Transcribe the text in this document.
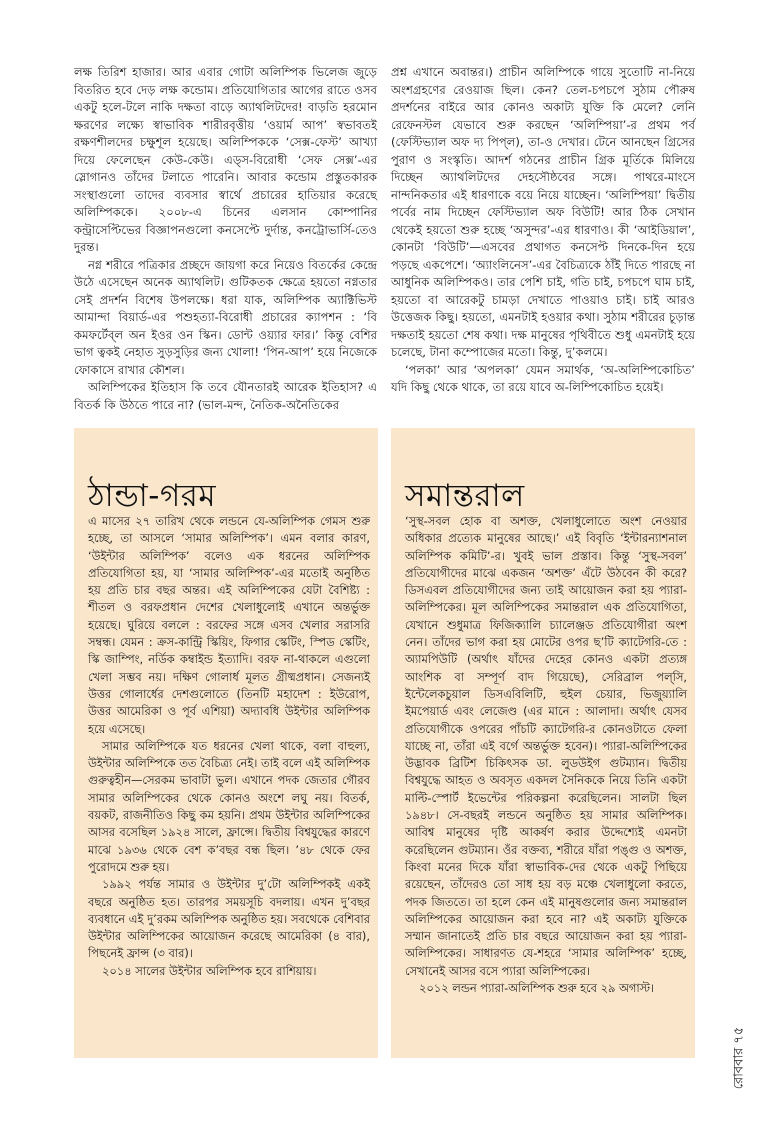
লক্ষ তিরিশ হাজার। আর এবার গোটা অলিম্পিক ভিলেজ জুড়ে বিতরিত হবে দেড় লক্ষ কন্ডোম। প্রতিযোগিতার আগের রাতে ওসব একটু হলে-টলে নাকি দক্ষতা বাড়ে অ্যাথলিটদের! বাড়তি হরমোন ক্ষরণের লক্ষ্যে স্বাভাবিক শারীরবৃত্তীয় ‘ওয়ার্ম আপ’ স্বভাবতই রক্ষণশীলদের চক্ষুশূল হয়েছে। অলিম্পিককে ‘সেক্স-ফেস্ট’ আখ্যা দিয়ে ফেলেছেন কেউ-কেউ। এড্‌স-বিরোধী ‘সেফ সেক্স’-এর স্লোগানও তাঁদের টলাতে পারেনি। আবার কন্ডোম প্রস্তুতকারক সংস্থাগুলো তাদের ব্যবসার স্বার্থে প্রচারের হাতিয়ার করেছে অলিম্পিককে। ২০০৮-এ চিনের এলসান কোম্পানির কন্ট্রাসেপ্টিভের বিজ্ঞাপনগুলো কনসেপ্টে দুর্দান্ত, কনট্রোভার্সি-তেও দুরন্ত।

নগ্ন শরীরে পত্রিকার প্রচ্ছদে জায়গা করে নিয়েও বিতর্কের কেন্দ্রে উঠে এসেছেন অনেক অ্যাথলিট। গুটিকতক ক্ষেত্রে হয়তো নগ্নতার সেই প্রদর্শন বিশেষ উপলক্ষে। ধরা যাক, অলিম্পিক অ্যাক্টিভিস্ট আমান্দা বিয়ার্ড-এর পশুহত্যা-বিরোধী প্রচারের ক্যাপশন : ‘বি কমফর্টেব্‌ল অন ইওর ওন স্কিন। ডোন্ট ওয়্যার ফার।’ কিন্তু বেশির ভাগ ত্বকই নেহাত সুড়সুড়ির জন্য খোলা! ‘পিন-আপ’ হয়ে নিজেকে ফোকাসে রাখার কৌশল।

অলিম্পিকের ইতিহাস কি তবে যৌনতারই আরেক ইতিহাস? এ বিতর্ক কি উঠতে পারে না? (ভাল-মন্দ, নৈতিক-অনৈতিকের

প্রশ্ন এখানে অবান্তর।) প্রাচীন অলিম্পিকে গায়ে সুতোটি না-নিয়ে অংশগ্রহণের রেওয়াজ ছিল। কেন? তেল-চপচপে সুঠাম পৌরুষ প্রদর্শনের বাইরে আর কোনও অকাট্য যুক্তি কি মেলে? লেনি রেফেনস্টল যেভাবে শুরু করছেন ‘অলিম্পিয়া’-র প্রথম পর্ব (ফেস্টিভ্যাল অফ দ্য পিপ্‌ল), তা-ও দেখার। টেনে আনছেন গ্রিসের পুরাণ ও সংস্কৃতি। আদর্শ গঠনের প্রাচীন গ্রিক মূর্তিকে মিলিয়ে দিচ্ছেন অ্যাথলিটদের দেহসৌষ্ঠবের সঙ্গে। পাথরে-মাংসে নান্দনিকতার এই ধারণাকে বয়ে নিয়ে যাচ্ছেন। ‘অলিম্পিয়া’ দ্বিতীয় পর্বের নাম দিচ্ছেন ফেস্টিভ্যাল অফ বিউটি! আর ঠিক সেখান থেকেই হয়তো শুরু হচ্ছে ‘অসুন্দর’-এর ধারণাও। কী ‘আইডিয়াল’, কোনটা ‘বিউটি’—এসবের প্রথাগত কনসেপ্ট দিনকে-দিন হয়ে পড়ছে একপেশে। ‘অ্যাংলিনেস’-এর বৈচিত্র্যকে ঠাঁই দিতে পারছে না আধুনিক অলিম্পিকও। তার পেশি চাই, গতি চাই, চপচপে ঘাম চাই, হয়তো বা আরেকটু চামড়া দেখাতে পাওয়াও চাই। চাই আরও উত্তেজক কিছু। হয়তো, এমনটাই হওয়ার কথা। সুঠাম শরীরের চূড়ান্ত দক্ষতাই হয়তো শেষ কথা। দক্ষ মানুষের পৃথিবীতে শুধু এমনটাই হয়ে চলেছে, টানা কম্পোজের মতো। কিন্তু, দু’কলমে।

‘পলকা’ আর ‘অপলকা’ যেমন সমার্থক, ‘অ-অলিম্পিকোচিত’ যদি কিছু থেকে থাকে, তা রয়ে যাবে অ-লিম্পিকোচিত হয়েই।

ঠান্ডা-গরম

এ মাসের ২৭ তারিখ থেকে লন্ডনে যে-অলিম্পিক গেমস শুরু হচ্ছে, তা আসলে ‘সামার অলিম্পিক’। এমন বলার কারণ, ‘উইন্টার অলিম্পিক’ বলেও এক ধরনের অলিম্পিক প্রতিযোগিতা হয়, যা ‘সামার অলিম্পিক’-এর মতোই অনুষ্ঠিত হয় প্রতি চার বছর অন্তর। এই অলিম্পিকের যেটা বৈশিষ্ট্য : শীতল ও বরফপ্রধান দেশের খেলাধুলোই এখানে অন্তর্ভুক্ত হয়েছে। ঘুরিয়ে বললে : বরফের সঙ্গে এসব খেলার সরাসরি সম্বন্ধ। যেমন : ক্রস-কান্ট্রি স্কিয়িং, ফিগার স্কেটিং, স্পিড স্কেটিং, স্কি জাম্পিং, নর্ডিক কম্বাইন্ড ইত্যাদি। বরফ না-থাকলে এগুলো খেলা সম্ভব নয়। দক্ষিণ গোলার্ধ মূলত গ্রীষ্মপ্রধান। সেজন্যই উত্তর গোলার্ধের দেশগুলোতে (তিনটি মহাদেশ : ইউরোপ, উত্তর আমেরিকা ও পূর্ব এশিয়া) অদ্যাবধি উইন্টার অলিম্পিক হয়ে এসেছে।

সামার অলিম্পিকে যত ধরনের খেলা থাকে, বলা বাহুল্য, উইন্টার অলিম্পিকে তত বৈচিত্র্য নেই। তাই বলে এই অলিম্পিক গুরুত্বহীন—সেরকম ভাবাটা ভুল। এখানে পদক জেতার গৌরব সামার অলিম্পিকের থেকে কোনও অংশে লঘু নয়। বিতর্ক, বয়কট, রাজনীতিও কিছু কম হয়নি। প্রথম উইন্টার অলিম্পিকের আসর বসেছিল ১৯২৪ সালে, ফ্রান্সে। দ্বিতীয় বিশ্বযুদ্ধের কারণে মাঝে ১৯৩৬ থেকে বেশ ক’বছর বন্ধ ছিল। ’৪৮ থেকে ফের পুরোদমে শুরু হয়।

১৯৯২ পর্যন্ত সামার ও উইন্টার দু’টো অলিম্পিকই একই বছরে অনুষ্ঠিত হত। তারপর সময়সূচি বদলায়। এখন দু’বছর ব্যবধানে এই দু’রকম অলিম্পিক অনুষ্ঠিত হয়। সবথেকে বেশিবার উইন্টার অলিম্পিকের আয়োজন করেছে আমেরিকা (৪ বার), পিছনেই ফ্রান্স (৩ বার)।

২০১৪ সালের উইন্টার অলিম্পিক হবে রাশিয়ায়।

সমান্তরাল

‘সুস্থ-সবল হোক বা অশক্ত, খেলাধুলোতে অংশ নেওয়ার অধিকার প্রত্যেক মানুষের আছে।’ এই বিবৃতি ‘ইন্টারন্যাশনাল অলিম্পিক কমিটি’-র। খুবই ভাল প্রস্তাব। কিন্তু ‘সুস্থ-সবল’ প্রতিযোগীদের মাঝে একজন ‘অশক্ত’ এঁটে উঠবেন কী করে? ডিসএবল প্রতিযোগীদের জন্য তাই আয়োজন করা হয় প্যারা-অলিম্পিকের। মূল অলিম্পিকের সমান্তরাল এক প্রতিযোগিতা, যেখানে শুধুমাত্র ফিজিক্যালি চ্যালেঞ্জড প্রতিযোগীরা অংশ নেন। তাঁদের ভাগ করা হয় মোটের ওপর ছ’টি ক্যাটেগরি-তে : অ্যামপিউটি (অর্থাৎ যাঁদের দেহের কোনও একটা প্রত্যঙ্গ আংশিক বা সম্পূর্ণ বাদ গিয়েছে), সেরিব্রাল পল্‌সি, ইন্টেলেকচুয়াল ডিসএবিলিটি, হুইল চেয়ার, ভিজুয়্যালি ইমপেয়ার্ড এবং লেজেণ্ড (এর মানে : আলাদা। অর্থাৎ যেসব প্রতিযোগীকে ওপরের পাঁচটি ক্যাটেগরি-র কোনওটাতে ফেলা যাচ্ছে না, তাঁরা এই বর্গে অন্তর্ভুক্ত হবেন)। প্যারা-অলিম্পিকের উদ্ভাবক ব্রিটিশ চিকিৎসক ডা. লুডউইগ গুটম্যান। দ্বিতীয় বিশ্বযুদ্ধে আহত ও অবসৃত একদল সৈনিককে নিয়ে তিনি একটা মাল্টি-স্পোর্ট ইভেন্টের পরিকল্পনা করেছিলেন। সালটা ছিল ১৯৪৮। সে-বছরই লন্ডনে অনুষ্ঠিত হয় সামার অলিম্পিক। আবিশ্ব মানুষের দৃষ্টি আকর্ষণ করার উদ্দেশ্যেই এমনটা করেছিলেন গুটম্যান। ওঁর বক্তব্য, শরীরে যাঁরা পঙ্গু ও অশক্ত, কিংবা মনের দিকে যাঁরা স্বাভাবিক-দের থেকে একটু পিছিয়ে রয়েছেন, তাঁদেরও তো সাধ হয় বড় মঞ্চে খেলাধুলো করতে, পদক জিততে। তা হলে কেন এই মানুষগুলোর জন্য সমান্তরাল অলিম্পিকের আয়োজন করা হবে না? এই অকাট্য যুক্তিকে সম্মান জানাতেই প্রতি চার বছরে আয়োজন করা হয় প্যারা-অলিম্পিকের। সাধারণত যে-শহরে ‘সামার অলিম্পিক’ হচ্ছে, সেখানেই আসর বসে প্যারা অলিম্পিকের।

২০১২ লন্ডন প্যারা-অলিম্পিক শুরু হবে ২৯ অগাস্ট।

রোববার ৭৫
